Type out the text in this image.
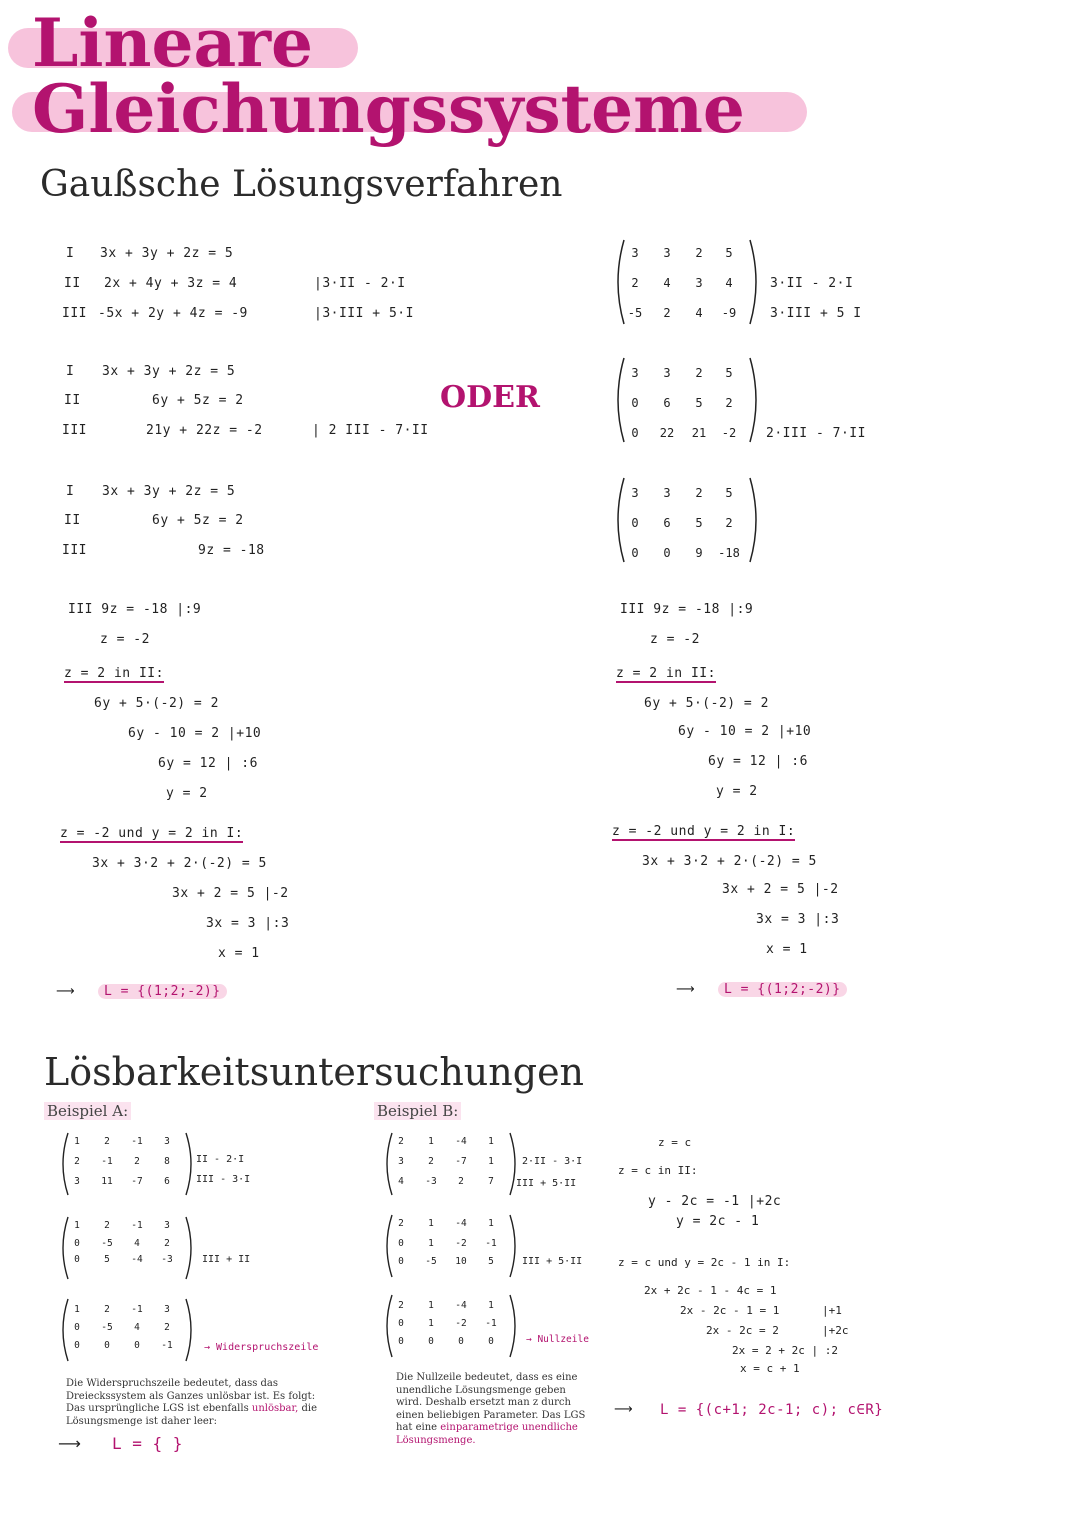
Lineare
Gleichungssysteme
Gaußsche Lösungsverfahren
I 3x + 3y + 2z = 5
II 2x + 4y + 3z = 4	|3·II - 2·I
III -5x + 2y + 4z = -9	|3·III + 5·I
I 3x + 3y + 2z = 5
II	6y + 5z = 2
III	21y + 22z = -2	| 2 III - 7·II
ODER
I 3x + 3y + 2z = 5
II	6y + 5z = 2
III	9z = -18
III 9z = -18 |:9
z = -2
z = 2 in II:
6y + 5·(-2) = 2
6y - 10 = 2 |+10
6y = 12 | :6
y = 2
z = -2 und y = 2 in I:
3x + 3·2 + 2·(-2) = 5
3x + 2 = 5 |-2
3x = 3 |:3
x = 1
⟶	L = {(1;2;-2)}
3	3	2	5
2	4	3	4
-5	2	4	-9
3·II - 2·I
3·III + 5 I
3	3	2	5
0	6	5	2
0	22	21	-2	2·III - 7·II
3	3	2	5
0	6	5	2
0	0	9	-18
III 9z = -18 |:9
z = -2
z = 2 in II:
6y + 5·(-2) = 2
6y - 10 = 2 |+10
6y = 12 | :6
y = 2
z = -2 und y = 2 in I:
3x + 3·2 + 2·(-2) = 5
3x + 2 = 5 |-2
3x = 3 |:3
x = 1
⟶	L = {(1;2;-2)}
Lösbarkeitsuntersuchungen
Beispiel A:	Beispiel B:
1	2	-1	3
2	-1	2	8
3	11	-7	6
II - 2·I
III - 3·I
1	2	-1	3
0	-5	4	2
0	5	-4	-3	III + II
1	2	-1	3
0	-5	4	2
0	0	0	-1	→ Widerspruchszeile
Die Widerspruchszeile bedeutet, dass das Dreieckssystem als Ganzes unlösbar ist. Es folgt: Das ursprüngliche LGS ist ebenfalls unlösbar, die Lösungsmenge ist daher leer:
⟶ L = { }
2	1	-4	1
3	2	-7	1
4	-3	2	7
2·II - 3·I
III + 5·II
2	1	-4	1
0	1	-2	-1
0	-5	10	5	III + 5·II
2	1	-4	1
0	1	-2	-1
0	0	0	0	→ Nullzeile
Die Nullzeile bedeutet, dass es eine unendliche Lösungsmenge geben wird. Deshalb ersetzt man z durch einen beliebigen Parameter. Das LGS hat eine einparametrige unendliche Lösungsmenge.
z = c
z = c in II:
y - 2c = -1 |+2c
y = 2c - 1
z = c und y = 2c - 1 in I:
2x + 2c - 1 - 4c = 1
2x - 2c - 1 = 1	|+1
2x - 2c = 2	|+2c
2x = 2 + 2c | :2
x = c + 1
⟶ L = {(c+1; 2c-1; c); c∈R}
